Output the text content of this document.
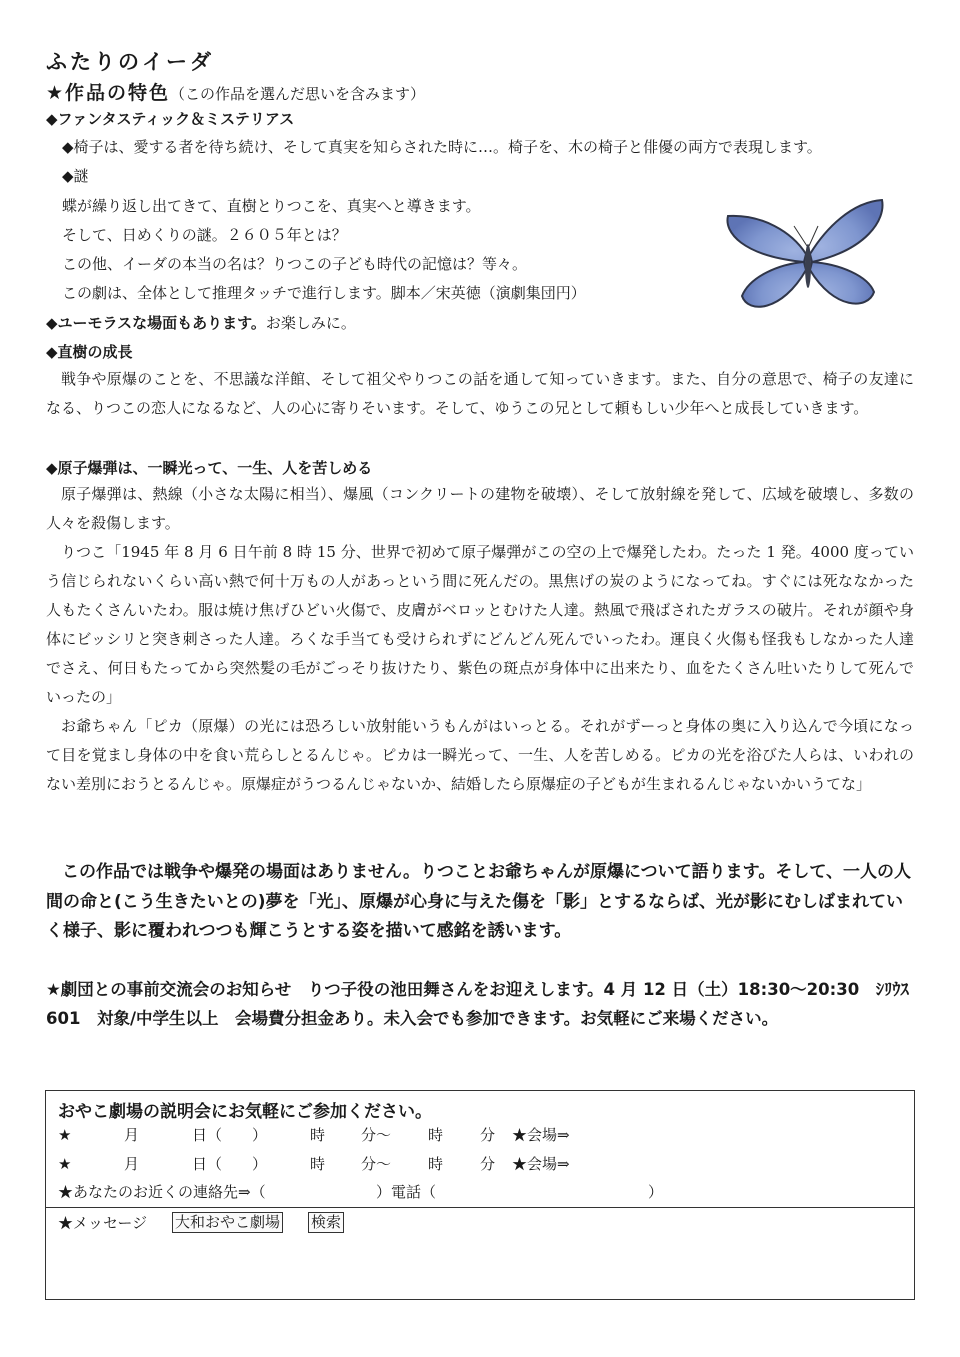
ふたりのイーダ
★作品の特色（この作品を選んだ思いを含みます）
◆ファンタスティック＆ミステリアス
◆椅子は、愛する者を待ち続け、そして真実を知らされた時に…。椅子を、木の椅子と俳優の両方で表現します。
◆謎
蝶が繰り返し出てきて、直樹とりつこを、真実へと導きます。
そして、日めくりの謎。２６０５年とは？
この他、イーダの本当の名は？りつこの子ども時代の記憶は？等々。
この劇は、全体として推理タッチで進行します。脚本／宋英徳（演劇集団円）
◆ユーモラスな場面もあります。お楽しみに。
◆直樹の成長
戦争や原爆のことを、不思議な洋館、そして祖父やりつこの話を通して知っていきます。また、自分の意思で、椅子の友達になる、りつこの恋人になるなど、人の心に寄りそいます。そして、ゆうこの兄として頼もしい少年へと成長していきます。
◆原子爆弾は、一瞬光って、一生、人を苦しめる
原子爆弾は、熱線（小さな太陽に相当）、爆風（コンクリートの建物を破壊）、そして放射線を発して、広域を破壊し、多数の人々を殺傷します。
りつこ「1945 年 8 月 6 日午前 8 時 15 分、世界で初めて原子爆弾がこの空の上で爆発したわ。たった 1 発。4000 度っていう信じられないくらい高い熱で何十万もの人があっという間に死んだの。黒焦げの炭のようになってね。すぐには死ななかった人もたくさんいたわ。服は焼け焦げひどい火傷で、皮膚がベロッとむけた人達。熱風で飛ばされたガラスの破片。それが顔や身体にビッシリと突き刺さった人達。ろくな手当ても受けられずにどんどん死んでいったわ。運良く火傷も怪我もしなかった人達でさえ、何日もたってから突然髪の毛がごっそり抜けたり、紫色の斑点が身体中に出来たり、血をたくさん吐いたりして死んでいったの」
お爺ちゃん「ピカ（原爆）の光には恐ろしい放射能いうもんがはいっとる。それがずーっと身体の奥に入り込んで今頃になって目を覚まし身体の中を食い荒らしとるんじゃ。ピカは一瞬光って、一生、人を苦しめる。ピカの光を浴びた人らは、いわれのない差別におうとるんじゃ。原爆症がうつるんじゃないか、結婚したら原爆症の子どもが生まれるんじゃないかいうてな」
この作品では戦争や爆発の場面はありません。りつことお爺ちゃんが原爆について語ります。そして、一人の人間の命と(こう生きたいとの)夢を「光」、原爆が心身に与えた傷を「影」とするならば、光が影にむしばまれていく様子、影に覆われつつも輝こうとする姿を描いて感銘を誘います。
★劇団との事前交流会のお知らせ　りつ子役の池田舞さんをお迎えします。4 月 12 日（土）18:30～20:30　ｼﾘｳｽ 601　対象/中学生以上　会場費分担金あり。未入会でも参加できます。お気軽にご来場ください。
おやこ劇場の説明会にお気軽にご参加ください。
★	月	日（　　）	時 分～ 時 分 ★会場⇒
★	月	日（　　）	時 分～ 時 分 ★会場⇒
★あなたのお近くの連絡先⇒（	）電話（	）
★メッセージ 大和おやこ劇場 検索
